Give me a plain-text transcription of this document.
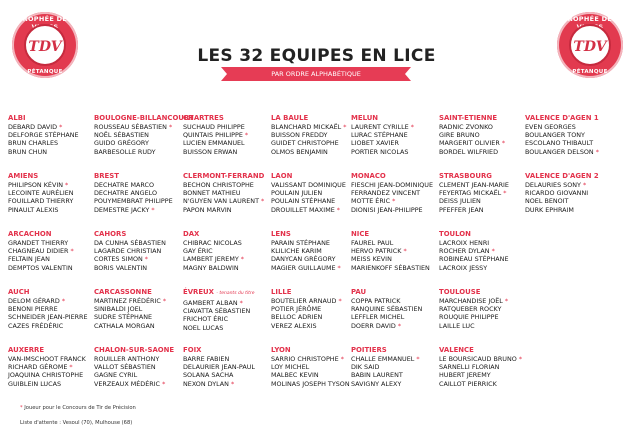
TROPHÉE DES
TDV
PÉTANQUE
TROPHÉE DES
TDV
PÉTANQUE
LES 32 EQUIPES EN LICE
PAR ORDRE ALPHABÉTIQUE
ALBI
DEBARD DAVID *
DELFORGE STÉPHANE
BRUN CHARLES
BRUN CHUN
BOULOGNE-BILLANCOURT
ROUSSEAU SÉBASTIEN *
NOËL SÉBASTIEN
GUIDO GRÉGORY
BARBESOLLE RUDY
CHARTRES
SUCHAUD PHILIPPE
QUINTAIS PHILIPPE *
LUCIEN EMMANUEL
BUISSON ERWAN
LA BAULE
BLANCHARD MICKAËL *
BUISSON FREDDY
GUIDET CHRISTOPHE
OLMOS BENJAMIN
MELUN
LAURENT CYRILLE *
LURAC STÉPHANE
LIOBET XAVIER
PORTIER NICOLAS
SAINT-ETIENNE
RADNIC ZVONKO
GIRE BRUNO
MARGERIT OLIVIER *
BORDEL WILFRIED
VALENCE D'AGEN 1
EVEN GEORGES
BOULANGER TONY
ESCOLANO THIBAULT
BOULANGER DELSON *
AMIENS
PHILIPSON KÉVIN *
LECOINTE AURÉLIEN
FOUILLARD THIERRY
PINAULT ALEXIS
BREST
DECHATRE MARCO
DECHATRE ANGELO
POUYMEMBRAT PHILIPPE
DEMESTRE JACKY *
CLERMONT-FERRAND
BECHON CHRISTOPHE
BONNET MATHIEU
N'GUYEN VAN LAURENT *
PAPON MARVIN
LAON
VALISSANT DOMINIQUE
POULAIN JULIEN
POULAIN STÉPHANE
DROUILLET MAXIME *
MONACO
FIESCHI JEAN-DOMINIQUE
FERRANDEZ VINCENT
MOTTE ÉRIC *
DIONISI JEAN-PHILIPPE
STRASBOURG
CLEMENT JEAN-MARIE
FEYERTAG MICKAËL *
DEISS JULIEN
PFEFFER JEAN
VALENCE D'AGEN 2
DELAURIES SONY *
RICARDO GIOVANNI
NOEL BENOIT
DURK EPHRAIM
ARCACHON
GRANDET THIERRY
CHAGNEAU DIDIER *
FELTAIN JEAN
DEMPTOS VALENTIN
CAHORS
DA CUNHA SÉBASTIEN
LAGARDE CHRISTIAN
CORTES SIMON *
BORIS VALENTIN
DAX
CHIBRAC NICOLAS
GAY ÉRIC
LAMBERT JEREMY *
MAGNY BALDWIN
LENS
PARAIN STÉPHANE
KLILICHE KARIM
DANYCAN GRÉGORY
MAGIER GUILLAUME *
NICE
FAUREL PAUL
HERVO PATRICK *
MEISS KEVIN
MARIENKOFF SÉBASTIEN
TOULON
LACROIX HENRI
ROCHER DYLAN *
ROBINEAU STÉPHANE
LACROIX JESSY
AUCH
DELOM GÉRARD *
BENONI PIERRE
SCHNEIDER JEAN-PIERRE
CAZES FRÉDÉRIC
CARCASSONNE
MARTINEZ FRÉDÉRIC *
SINIBALDI JOEL
SUDRE STÉPHANE
CATHALA MORGAN
ÉVREUX - tenants du titre
GAMBERT ALBAN *
CIAVATTA SÉBASTIEN
FRICHOT ÉRIC
NOEL LUCAS
LILLE
BOUTELIER ARNAUD *
POTIER JÉRÔME
BELLOC ADRIEN
VEREZ ALEXIS
PAU
COPPA PATRICK
RANQUINE SÉBASTIEN
LEFFLER MICHEL
DOERR DAVID *
TOULOUSE
MARCHANDISE JOËL *
RATQUEBER ROCKY
ROUQUIE PHILIPPE
LAILLE LUC
AUXERRE
VAN-IMSCHOOT FRANCK
RICHARD GÉROME *
JOAQUINA CHRISTOPHE
GUIBLEIN LUCAS
CHALON-SUR-SAONE
ROUILLER ANTHONY
VALLOT SÉBASTIEN
GAGNE CYRIL
VERZEAUX MÉDÉRIC *
FOIX
BARRE FABIEN
DELAURIER JEAN-PAUL
SOLANA SACHA
NEXON DYLAN *
LYON
SARRIO CHRISTOPHE *
LOY MICHEL
MALBEC KEVIN
MOLINAS JOSEPH TYSON
POITIERS
CHALLE EMMANUEL *
DIK SAID
BABIN LAURENT
SAVIGNY ALEXY
VALENCE
LE BOURSICAUD BRUNO *
SARNELLI FLORIAN
HUBERT JEREMY
CAILLOT PIERRICK
* Joueur pour le Concours de Tir de Précision
Liste d'attente : Vesoul (70), Mulhouse (68)
